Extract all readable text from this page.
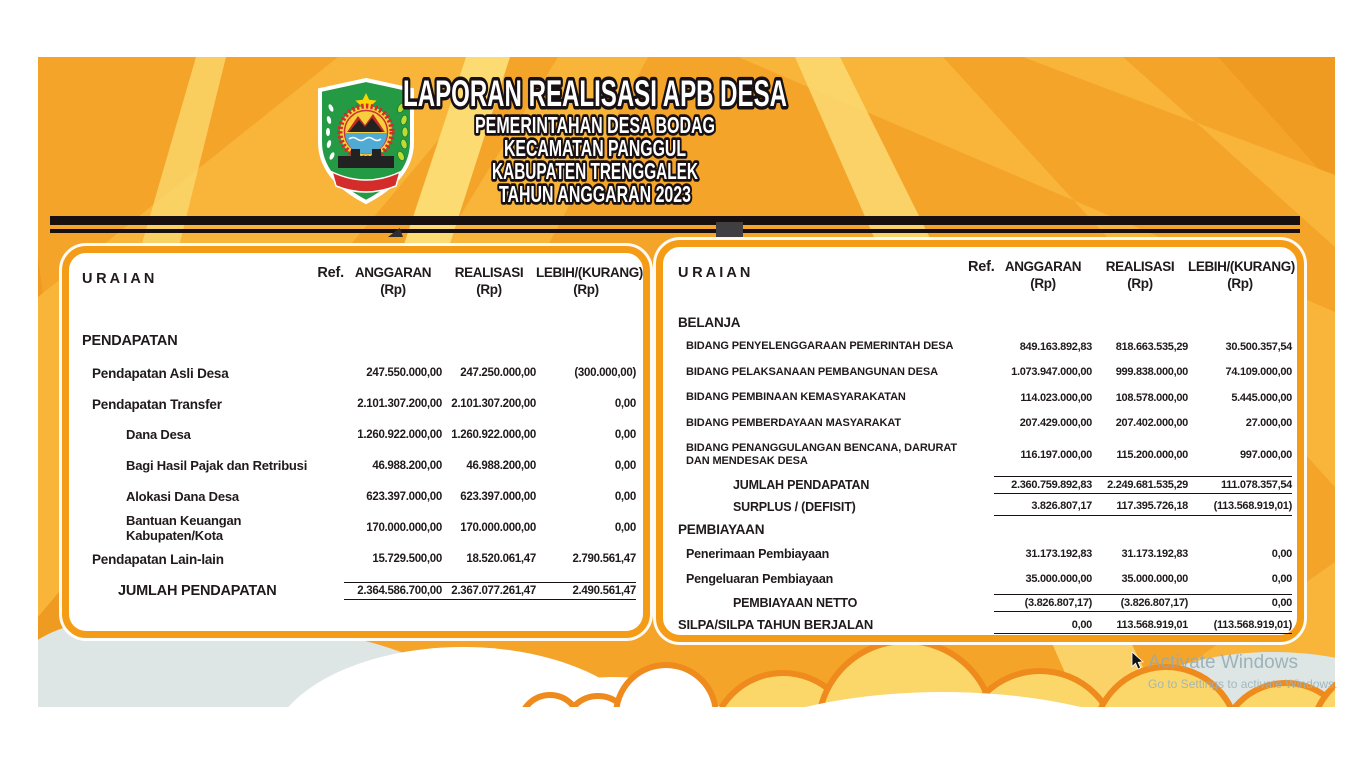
LAPORAN REALISASI APB DESA
PEMERINTAHAN DESA BODAG
KECAMATAN PANGGUL
KABUPATEN TRENGGALEK
TAHUN ANGGARAN 2023
U R A I A N	Ref. ANGGARAN
(Rp)
REALISASI
(Rp)
LEBIH/(KURANG)
(Rp)
PENDAPATAN
Pendapatan Asli Desa	247.550.000,00	247.250.000,00	(300.000,00)
Pendapatan Transfer	2.101.307.200,00 2.101.307.200,00	0,00
Dana Desa	1.260.922.000,00 1.260.922.000,00	0,00
Bagi Hasil Pajak dan Retribusi	46.988.200,00	46.988.200,00	0,00
Alokasi Dana Desa	623.397.000,00	623.397.000,00	0,00
Bantuan Keuangan Kabupaten/Kota	170.000.000,00	170.000.000,00	0,00
Pendapatan Lain-lain	15.729.500,00	18.520.061,47	2.790.561,47
JUMLAH PENDAPATAN	2.364.586.700,00 2.367.077.261,47	2.490.561,47
U R A I A N	Ref. ANGGARAN
(Rp)
REALISASI
(Rp)
LEBIH/(KURANG)
(Rp)
BELANJA
BIDANG PENYELENGGARAAN PEMERINTAH DESA	849.163.892,83	818.663.535,29	30.500.357,54
BIDANG PELAKSANAAN PEMBANGUNAN DESA	1.073.947.000,00	999.838.000,00	74.109.000,00
BIDANG PEMBINAAN KEMASYARAKATAN	114.023.000,00	108.578.000,00	5.445.000,00
BIDANG PEMBERDAYAAN MASYARAKAT	207.429.000,00	207.402.000,00	27.000,00
BIDANG PENANGGULANGAN BENCANA, DARURAT DAN MENDESAK DESA
116.197.000,00	115.200.000,00	997.000,00
JUMLAH PENDAPATAN	2.360.759.892,83	2.249.681.535,29	111.078.357,54
SURPLUS / (DEFISIT)	3.826.807,17	117.395.726,18	(113.568.919,01)
PEMBIAYAAN
Penerimaan Pembiayaan	31.173.192,83	31.173.192,83	0,00
Pengeluaran Pembiayaan	35.000.000,00	35.000.000,00	0,00
PEMBIAYAAN NETTO	(3.826.807,17)	(3.826.807,17)	0,00
SILPA/SILPA TAHUN BERJALAN	0,00	113.568.919,01	(113.568.919,01)
Activate Windows
Go to Settings to activate Windows.
